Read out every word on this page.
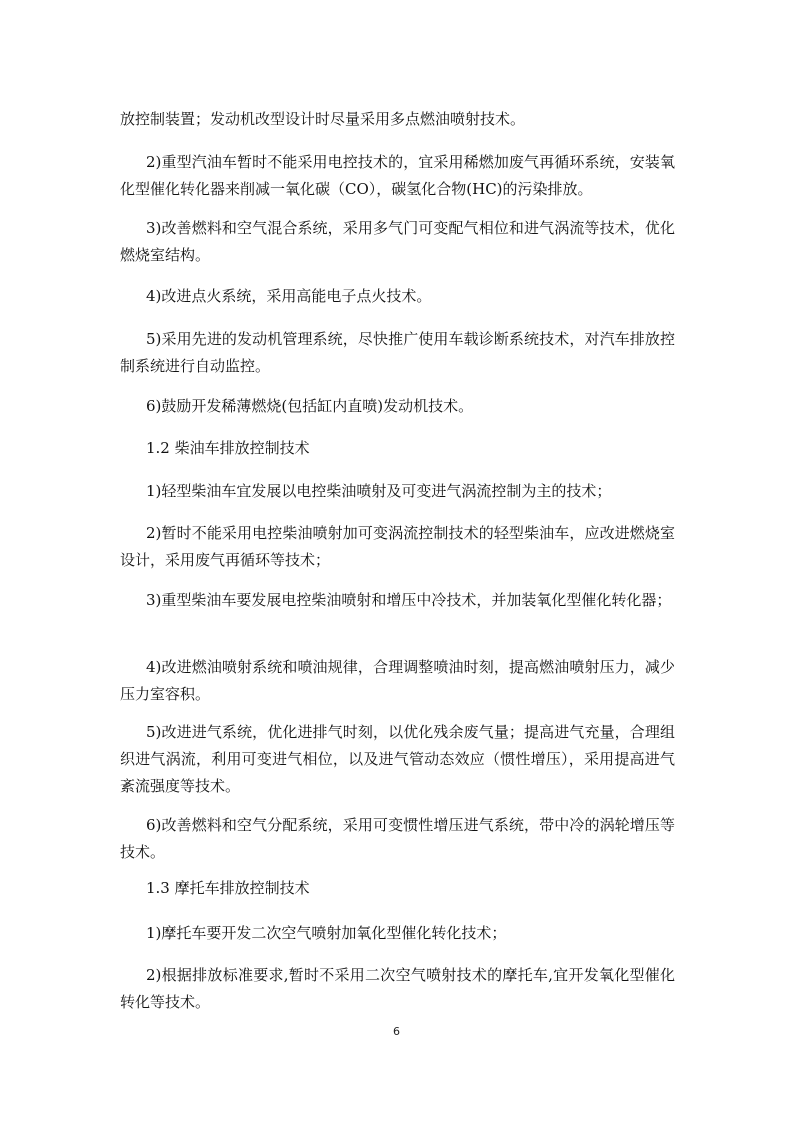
放控制装置；发动机改型设计时尽量采用多点燃油喷射技术。

2)重型汽油车暂时不能采用电控技术的，宜采用稀燃加废气再循环系统，安装氧化型催化转化器来削减一氧化碳（CO），碳氢化合物(HC)的污染排放。

3)改善燃料和空气混合系统，采用多气门可变配气相位和进气涡流等技术，优化燃烧室结构。

4)改进点火系统，采用高能电子点火技术。

5)采用先进的发动机管理系统，尽快推广使用车载诊断系统技术，对汽车排放控制系统进行自动监控。

6)鼓励开发稀薄燃烧(包括缸内直喷)发动机技术。

1.2 柴油车排放控制技术

1)轻型柴油车宜发展以电控柴油喷射及可变进气涡流控制为主的技术；

2)暂时不能采用电控柴油喷射加可变涡流控制技术的轻型柴油车，应改进燃烧室设计，采用废气再循环等技术；

3)重型柴油车要发展电控柴油喷射和增压中冷技术，并加装氧化型催化转化器；

4)改进燃油喷射系统和喷油规律，合理调整喷油时刻，提高燃油喷射压力，减少压力室容积。

5)改进进气系统，优化进排气时刻，以优化残余废气量；提高进气充量，合理组织进气涡流，利用可变进气相位，以及进气管动态效应（惯性增压），采用提高进气紊流强度等技术。

6)改善燃料和空气分配系统，采用可变惯性增压进气系统，带中冷的涡轮增压等技术。

1.3 摩托车排放控制技术

1)摩托车要开发二次空气喷射加氧化型催化转化技术；

2)根据排放标准要求,暂时不采用二次空气喷射技术的摩托车,宜开发氧化型催化转化等技术。

6
